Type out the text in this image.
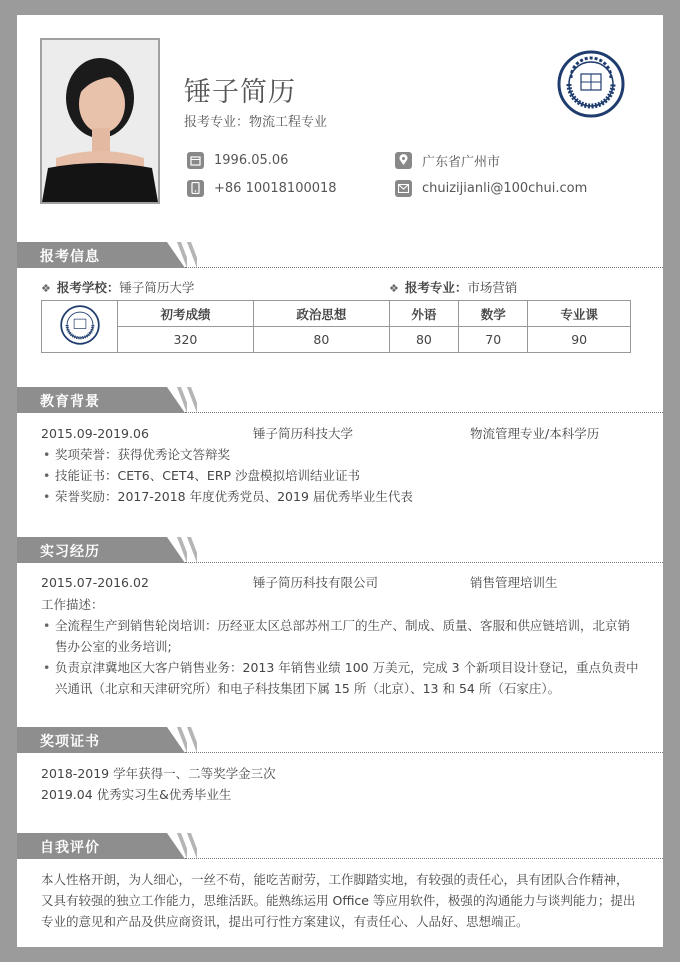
锤子简历
报考专业：物流工程专业
1996.05.06	广东省广州市
+86 10018100018	chuizijianli@100chui.com
报考信息
❖ 报考学校：锤子简历大学	❖ 报考专业：市场营销
	初考成绩	政治思想	外语	数学	专业课
	320	80	80	70	90
教育背景
2015.09-2019.06	锤子简历科技大学	物流管理专业/本科学历
• 奖项荣誉：获得优秀论文答辩奖
• 技能证书：CET6、CET4、ERP 沙盘模拟培训结业证书
• 荣誉奖励：2017-2018 年度优秀党员、2019 届优秀毕业生代表
实习经历
2015.07-2016.02	锤子简历科技有限公司	销售管理培训生
工作描述：
• 全流程生产到销售轮岗培训：历经亚太区总部苏州工厂的生产、制成、质量、客服和供应链培训，北京销售办公室的业务培训;
• 负责京津冀地区大客户销售业务：2013 年销售业绩 100 万美元，完成 3 个新项目设计登记，重点负责中兴通讯（北京和天津研究所）和电子科技集团下属 15 所（北京）、13 和 54 所（石家庄）。
奖项证书
2018-2019 学年获得一、二等奖学金三次
2019.04 优秀实习生&优秀毕业生
自我评价
本人性格开朗，为人细心，一丝不苟，能吃苦耐劳，工作脚踏实地，有较强的责任心，具有团队合作精神，又具有较强的独立工作能力，思维活跃。能熟练运用 Office 等应用软件，极强的沟通能力与谈判能力；提出专业的意见和产品及供应商资讯，提出可行性方案建议，有责任心、人品好、思想端正。
